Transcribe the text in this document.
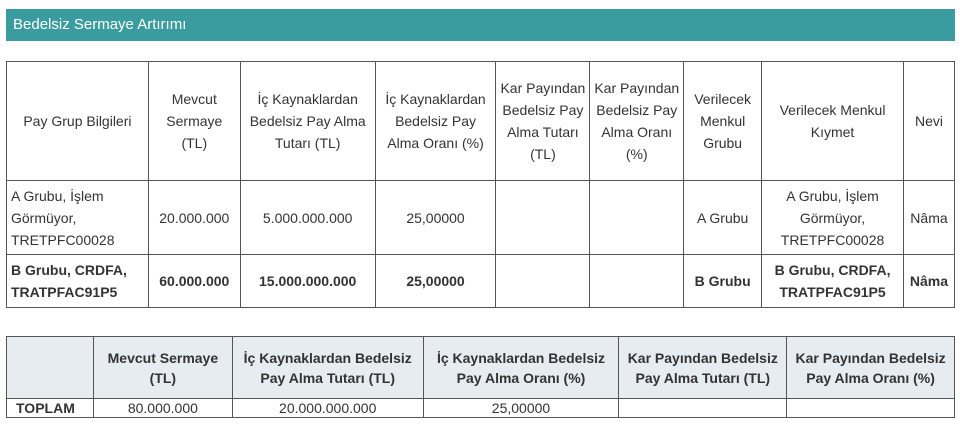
Bedelsiz Sermaye Artırımı
Pay Grup Bilgileri	Mevcut Sermaye (TL)	İç Kaynaklardan Bedelsiz Pay Alma Tutarı (TL)	İç Kaynaklardan Bedelsiz Pay Alma Oranı (%)	Kar Payından Bedelsiz Pay Alma Tutarı (TL)	Kar Payından Bedelsiz Pay Alma Oranı (%)	Verilecek Menkul Grubu	Verilecek Menkul Kıymet	Nevi
A Grubu, İşlem Görmüyor, TRETPFC00028	20.000.000	5.000.000.000	25,00000			A Grubu	A Grubu, İşlem Görmüyor, TRETPFC00028	Nâma
B Grubu, CRDFA, TRATPFAC91P5	60.000.000	15.000.000.000	25,00000			B Grubu	B Grubu, CRDFA, TRATPFAC91P5	Nâma
	Mevcut Sermaye (TL)	İç Kaynaklardan Bedelsiz Pay Alma Tutarı (TL)	İç Kaynaklardan Bedelsiz Pay Alma Oranı (%)	Kar Payından Bedelsiz Pay Alma Tutarı (TL)	Kar Payından Bedelsiz Pay Alma Oranı (%)
TOPLAM	80.000.000	20.000.000.000	25,00000		
